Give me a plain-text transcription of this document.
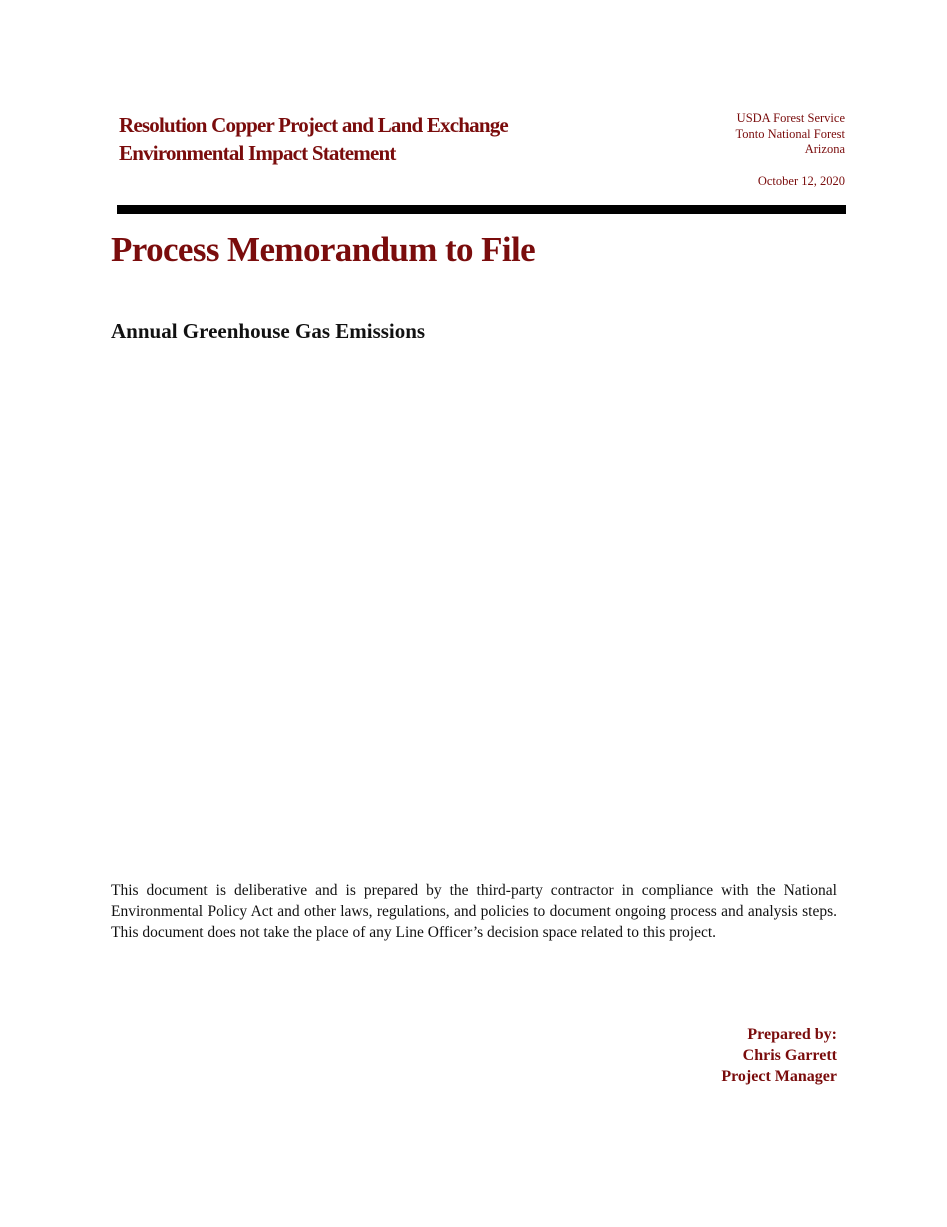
Resolution Copper Project and Land Exchange
Environmental Impact Statement
USDA Forest Service
Tonto National Forest
Arizona
October 12, 2020
Process Memorandum to File
Annual Greenhouse Gas Emissions
This document is deliberative and is prepared by the third-party contractor in compliance with the National Environmental Policy Act and other laws, regulations, and policies to document ongoing process and analysis steps. This document does not take the place of any Line Officer’s decision space related to this project.
Prepared by:
Chris Garrett
Project Manager
